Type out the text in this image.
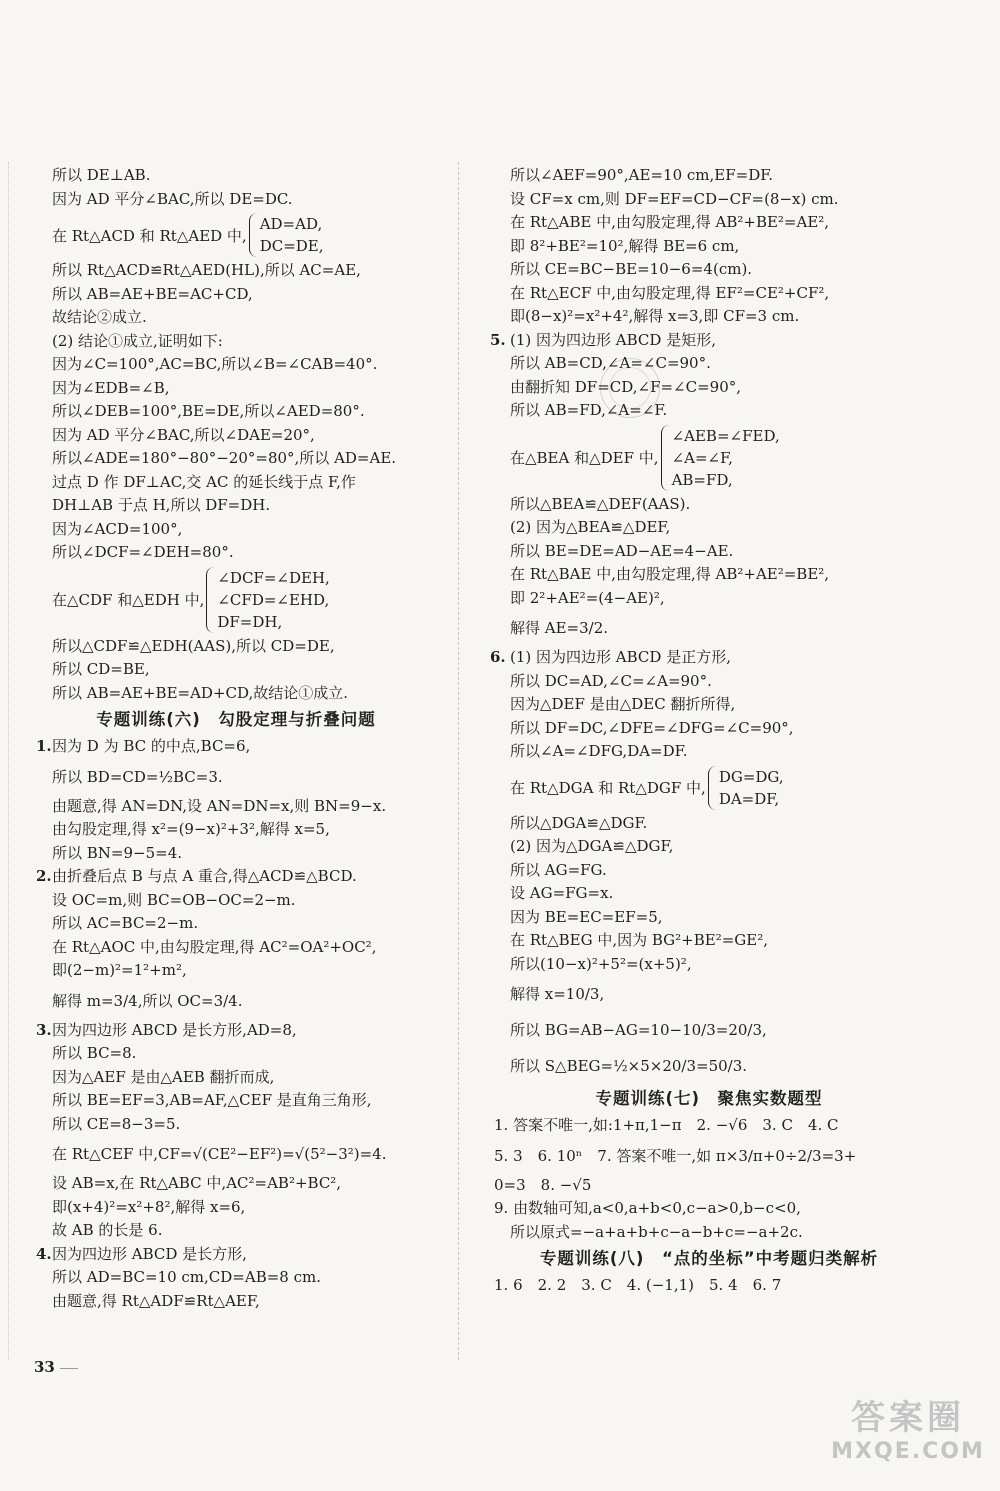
所以 DE⊥AB.
因为 AD 平分∠BAC,所以 DE=DC.
在 Rt△ACD 和 Rt△AED 中,
AD=AD,
DC=DE,
所以 Rt△ACD≌Rt△AED(HL),所以 AC=AE,
所以 AB=AE+BE=AC+CD,
故结论②成立.
(2) 结论①成立,证明如下:
因为∠C=100°,AC=BC,所以∠B=∠CAB=40°.
因为∠EDB=∠B,
所以∠DEB=100°,BE=DE,所以∠AED=80°.
因为 AD 平分∠BAC,所以∠DAE=20°,
所以∠ADE=180°−80°−20°=80°,所以 AD=AE.
过点 D 作 DF⊥AC,交 AC 的延长线于点 F,作
DH⊥AB 于点 H,所以 DF=DH.
因为∠ACD=100°,
所以∠DCF=∠DEH=80°.
在△CDF 和△EDH 中,
∠DCF=∠DEH,
∠CFD=∠EHD,
DF=DH,
所以△CDF≌△EDH(AAS),所以 CD=DE,
所以 CD=BE,
所以 AB=AE+BE=AD+CD,故结论①成立.
专题训练(六)　勾股定理与折叠问题
1.因为 D 为 BC 的中点,BC=6,
所以 BD=CD=½BC=3.
由题意,得 AN=DN,设 AN=DN=x,则 BN=9−x.
由勾股定理,得 x²=(9−x)²+3²,解得 x=5,
所以 BN=9−5=4.
2.由折叠后点 B 与点 A 重合,得△ACD≌△BCD.
设 OC=m,则 BC=OB−OC=2−m.
所以 AC=BC=2−m.
在 Rt△AOC 中,由勾股定理,得 AC²=OA²+OC²,
即(2−m)²=1²+m²,
解得 m=3/4,所以 OC=3/4.
3.因为四边形 ABCD 是长方形,AD=8,
所以 BC=8.
因为△AEF 是由△AEB 翻折而成,
所以 BE=EF=3,AB=AF,△CEF 是直角三角形,
所以 CE=8−3=5.
在 Rt△CEF 中,CF=√(CE²−EF²)=√(5²−3²)=4.
设 AB=x,在 Rt△ABC 中,AC²=AB²+BC²,
即(x+4)²=x²+8²,解得 x=6,
故 AB 的长是 6.
4.因为四边形 ABCD 是长方形,
所以 AD=BC=10 cm,CD=AB=8 cm.
由题意,得 Rt△ADF≌Rt△AEF,
所以∠AEF=90°,AE=10 cm,EF=DF.
设 CF=x cm,则 DF=EF=CD−CF=(8−x) cm.
在 Rt△ABE 中,由勾股定理,得 AB²+BE²=AE²,
即 8²+BE²=10²,解得 BE=6 cm,
所以 CE=BC−BE=10−6=4(cm).
在 Rt△ECF 中,由勾股定理,得 EF²=CE²+CF²,
即(8−x)²=x²+4²,解得 x=3,即 CF=3 cm.
5. (1) 因为四边形 ABCD 是矩形,
所以 AB=CD,∠A=∠C=90°.
由翻折知 DF=CD,∠F=∠C=90°,
所以 AB=FD,∠A=∠F.
在△BEA 和△DEF 中,
∠AEB=∠FED,
∠A=∠F,
AB=FD,
所以△BEA≌△DEF(AAS).
(2) 因为△BEA≌△DEF,
所以 BE=DE=AD−AE=4−AE.
在 Rt△BAE 中,由勾股定理,得 AB²+AE²=BE²,
即 2²+AE²=(4−AE)²,
解得 AE=3/2.
6. (1) 因为四边形 ABCD 是正方形,
所以 DC=AD,∠C=∠A=90°.
因为△DEF 是由△DEC 翻折所得,
所以 DF=DC,∠DFE=∠DFG=∠C=90°,
所以∠A=∠DFG,DA=DF.
在 Rt△DGA 和 Rt△DGF 中,
DG=DG,
DA=DF,
所以△DGA≌△DGF.
(2) 因为△DGA≌△DGF,
所以 AG=FG.
设 AG=FG=x.
因为 BE=EC=EF=5,
在 Rt△BEG 中,因为 BG²+BE²=GE²,
所以(10−x)²+5²=(x+5)²,
解得 x=10/3,
所以 BG=AB−AG=10−10/3=20/3,
所以 S△BEG=½×5×20/3=50/3.
专题训练(七)　聚焦实数题型
1. 答案不唯一,如:1+π,1−π　2. −√6　3. C　4. C
5. 3　6. 10ⁿ　7. 答案不唯一,如 π×3/π+0÷2/3=3+
0=3　8. −√5
9. 由数轴可知,a<0,a+b<0,c−a>0,b−c<0,
所以原式=−a+a+b+c−a−b+c=−a+2c.
专题训练(八)　“点的坐标”中考题归类解析
1. 6　2. 2　3. C　4. (−1,1)　5. 4　6. 7
33
答案圈
MXQE.COM
